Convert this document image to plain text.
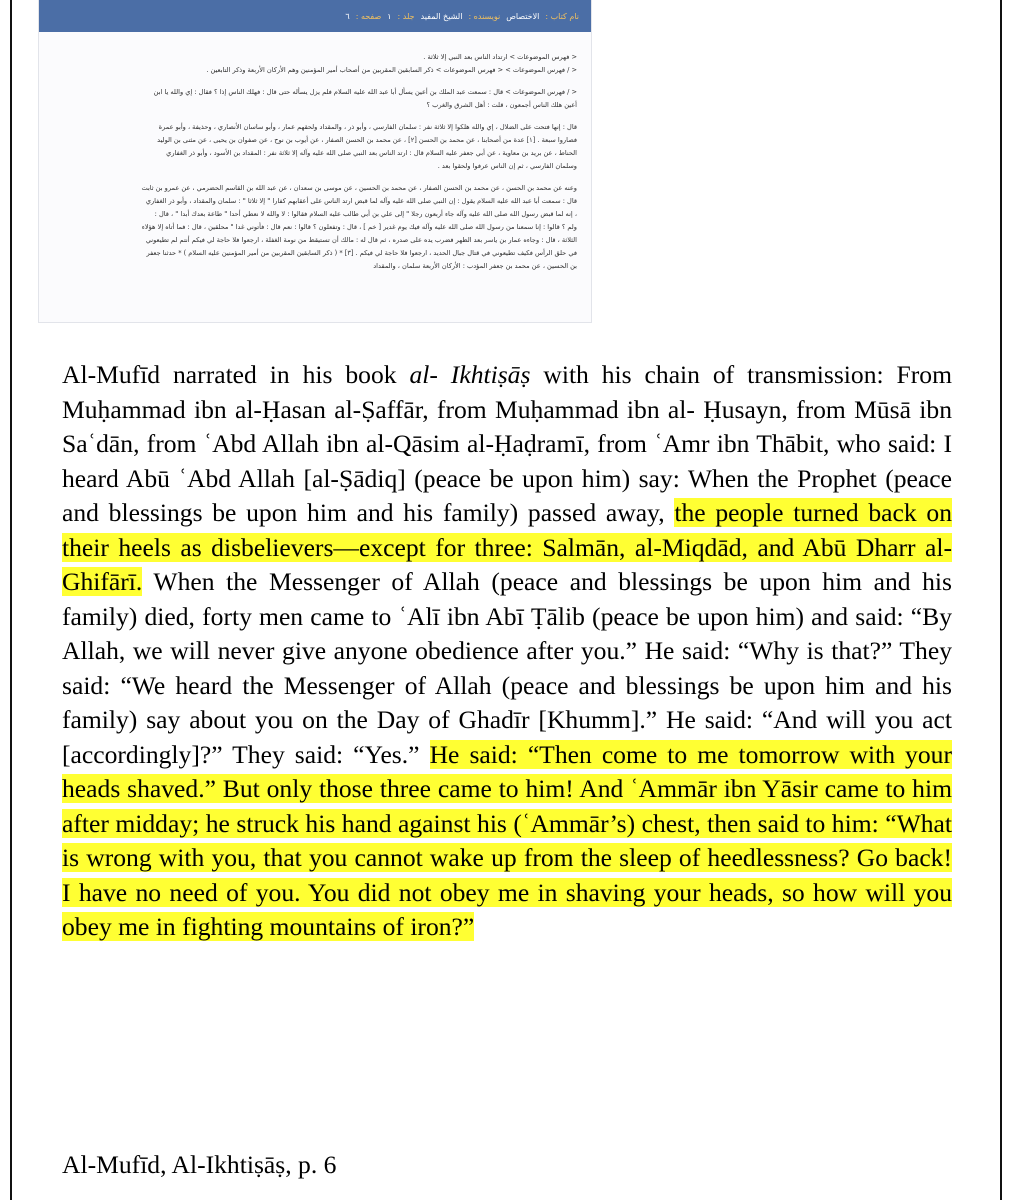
نام کتاب :
الاختصاص
نویسنده :
الشيخ المفيد
جلد :
١
صفحه :
٦

< فهرس الموضوعات > ارتداد الناس بعد النبي إلا ثلاثة .

< / فهرس الموضوعات > < فهرس الموضوعات > ذكر السابقين المقربين من أصحاب أمير المؤمنين وهم الأركان الأربعة وذكر التابعين .

< / فهرس الموضوعات > قال : سمعت عبد الملك بن أعين يسأل أبا عبد الله عليه السلام فلم يزل يسأله حتى قال : فهلك الناس إذا ؟ فقال : إي والله يا ابن

أعين هلك الناس أجمعون ، قلت : أهل الشرق والغرب ؟

قال : إنها فتحت على الضلال ، إي والله هلكوا إلا ثلاثة نفر : سلمان الفارسي ، وأبو ذر ، والمقداد ولحقهم عمار ، وأبو ساسان الأنصاري ، وحذيفة ، وأبو عمرة

فصاروا سبعة . [١] عدة من أصحابنا ، عن محمد بن الحسن [٢] ، عن محمد بن الحسن الصفار ، عن أيوب بن نوح ، عن صفوان بن يحيى ، عن مثنى بن الوليد

الحناط ، عن بريد بن معاوية ، عن أبي جعفر عليه السلام قال : ارتد الناس بعد النبي صلى الله عليه وآله إلا ثلاثة نفر : المقداد بن الأسود ، وأبو ذر الغفاري

وسلمان الفارسي ، ثم إن الناس عرفوا ولحقوا بعد .

وعنه عن محمد بن الحسن ، عن محمد بن الحسن الصفار ، عن محمد بن الحسين ، عن موسى بن سعدان ، عن عبد الله بن القاسم الحضرمي ، عن عمرو بن ثابت

قال : سمعت أبا عبد الله عليه السلام يقول : إن النبي صلى الله عليه وآله لما قبض ارتد الناس على أعقابهم كفارا " إلا ثلاثا " : سلمان والمقداد ، وأبو ذر الغفاري

، إنه لما قبض رسول الله صلى الله عليه وآله جاء أربعون رجلا " إلى علي بن أبي طالب عليه السلام فقالوا : لا والله لا نعطي أحدا " طاعة بعدك أبدا " ، قال :

ولم ؟ قالوا : إنا سمعنا من رسول الله صلى الله عليه وآله فيك يوم غدير [ خم ] ، قال : وتفعلون ؟ قالوا : نعم قال : فأتوني غدا " محلقين ، قال : فما أتاه إلا هؤلاء

الثلاثة ، قال : وجاءه عمار بن ياسر بعد الظهر فضرب يده على صدره ، ثم قال له : مالك أن تستيقظ من نومة الغفلة ، ارجعوا فلا حاجة لي فيكم أنتم لم تطيعوني

في حلق الرأس فكيف تطيعوني في قتال جبال الحديد ، ارجعوا فلا حاجة لي فيكم . [٣] * ( ذكر السابقين المقربين من أمير المؤمنين عليه السلام ) * حدثنا جعفر

بن الحسين ، عن محمد بن جعفر المؤدب : الأركان الأربعة سلمان ، والمقداد

Al-Mufīd narrated in his book al- Ikhtiṣāṣ with his chain of transmission: From Muḥammad ibn al-Ḥasan al-Ṣaffār, from Muḥammad ibn al- Ḥusayn, from Mūsā ibn Saʿdān, from ʿAbd Allah ibn al-Qāsim al-Ḥaḍramī, from ʿAmr ibn Thābit, who said: I heard Abū ʿAbd Allah [al-Ṣādiq] (peace be upon him) say: When the Prophet (peace and blessings be upon him and his family) passed away, the people turned back on their heels as disbelievers—except for three: Salmān, al-Miqdād, and Abū Dharr al-Ghifārī. When the Messenger of Allah (peace and blessings be upon him and his family) died, forty men came to ʿAlī ibn Abī Ṭālib (peace be upon him) and said: “By Allah, we will never give anyone obedience after you.” He said: “Why is that?” They said: “We heard the Messenger of Allah (peace and blessings be upon him and his family) say about you on the Day of Ghadīr [Khumm].” He said: “And will you act [accordingly]?” They said: “Yes.” He said: “Then come to me tomorrow with your heads shaved.” But only those three came to him! And ʿAmmār ibn Yāsir came to him after midday; he struck his hand against his (ʿAmmār’s) chest, then said to him: “What is wrong with you, that you cannot wake up from the sleep of heedlessness? Go back! I have no need of you. You did not obey me in shaving your heads, so how will you obey me in fighting mountains of iron?”

Al-Mufīd, Al-Ikhtiṣāṣ, p. 6
